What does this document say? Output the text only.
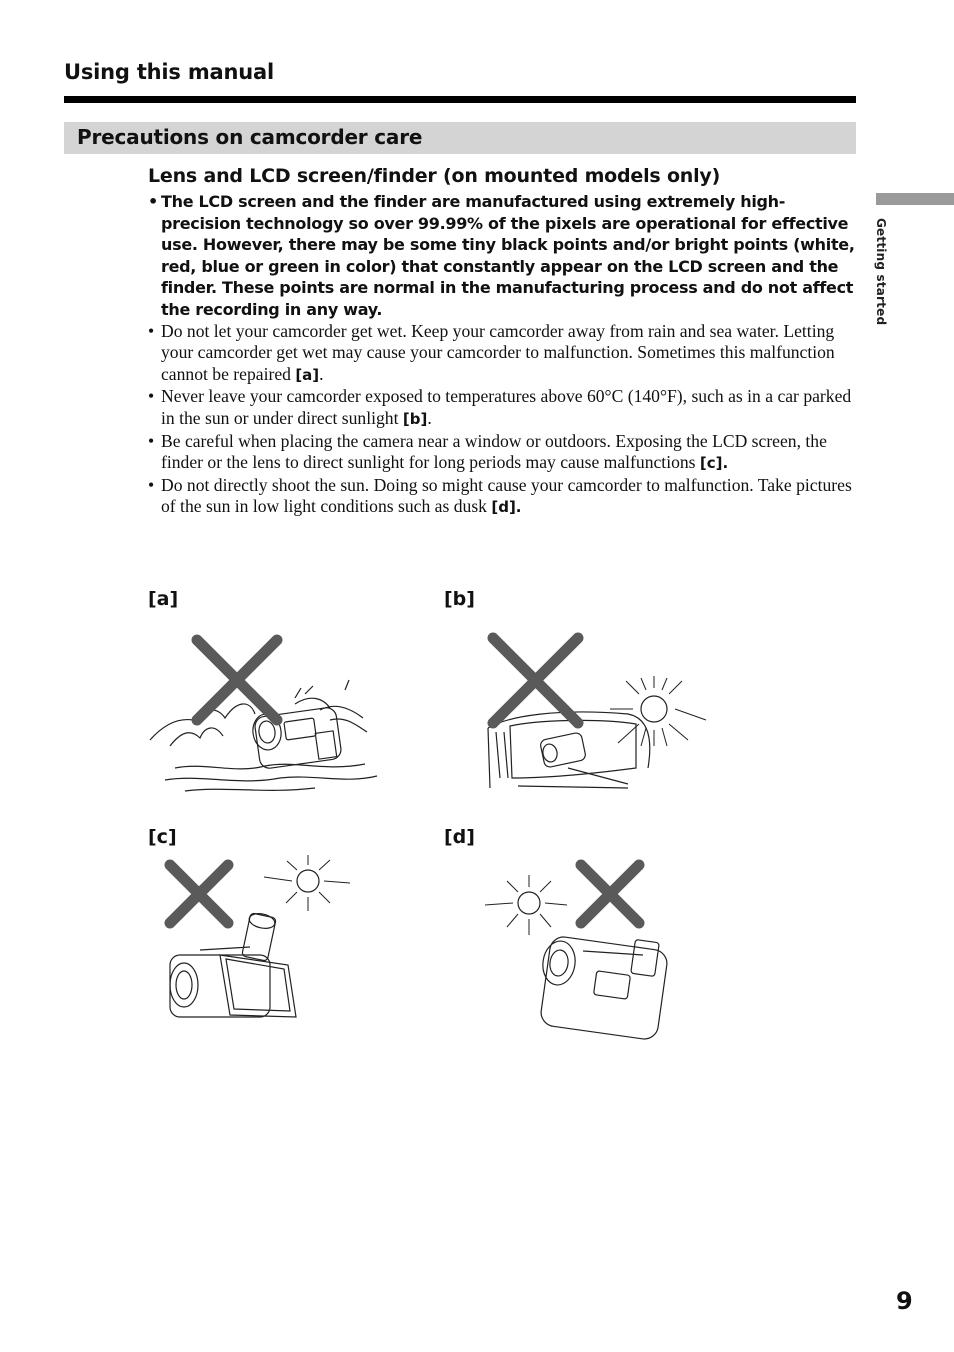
Using this manual
Precautions on camcorder care
Lens and LCD screen/finder (on mounted models only)
• The LCD screen and the finder are manufactured using extremely high-precision technology so over 99.99% of the pixels are operational for effective use. However, there may be some tiny black points and/or bright points (white, red, blue or green in color) that constantly appear on the LCD screen and the finder. These points are normal in the manufacturing process and do not affect the recording in any way.
• Do not let your camcorder get wet. Keep your camcorder away from rain and sea water. Letting your camcorder get wet may cause your camcorder to malfunction. Sometimes this malfunction cannot be repaired [a].
• Never leave your camcorder exposed to temperatures above 60°C (140°F), such as in a car parked in the sun or under direct sunlight [b].
• Be careful when placing the camera near a window or outdoors. Exposing the LCD screen, the finder or the lens to direct sunlight for long periods may cause malfunctions [c].
• Do not directly shoot the sun. Doing so might cause your camcorder to malfunction. Take pictures of the sun in low light conditions such as dusk [d].
[a]	[b]
[c]	[d]
Getting started
9
